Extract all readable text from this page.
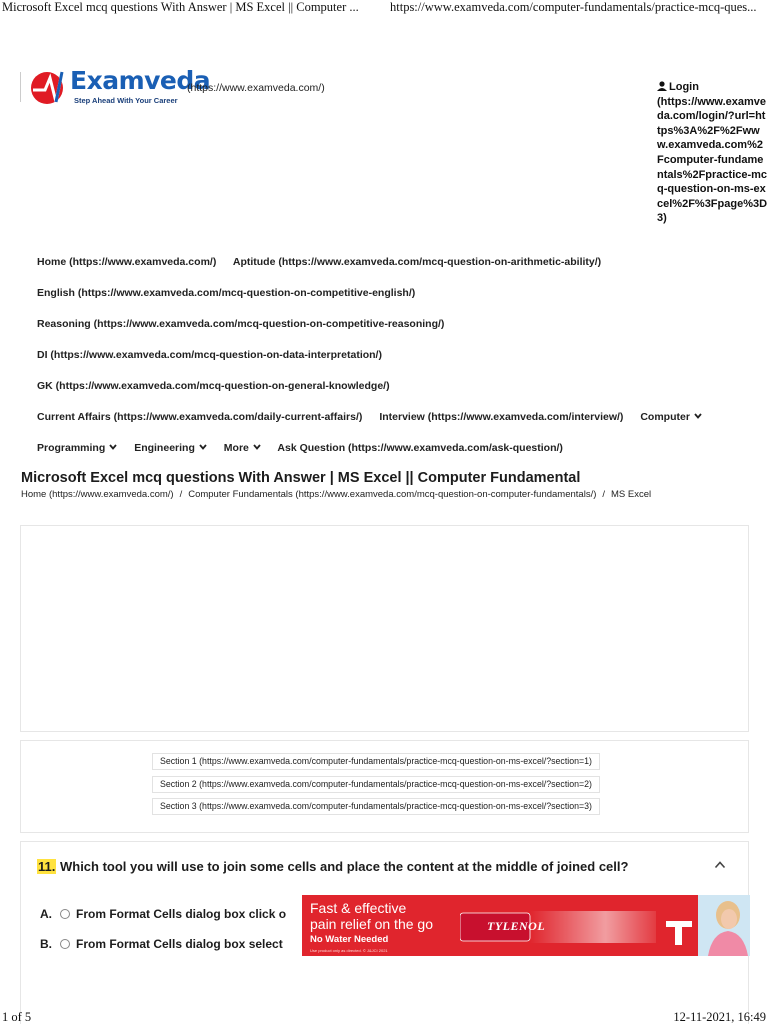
Microsoft Excel mcq questions With Answer | MS Excel || Computer ...	https://www.examveda.com/computer-fundamentals/practice-mcq-ques...
Examveda
Step Ahead With Your Career
(https://www.examveda.com/)	Login
(https://www.examveda.com/login/?url=https%3A%2F%2Fwww.examveda.com%2Fcomputer-fundamentals%2Fpractice-mcq-question-on-ms-excel%2F%3Fpage%3D3)
Home (https://www.examveda.com/) Aptitude (https://www.examveda.com/mcq-question-on-arithmetic-ability/)
English (https://www.examveda.com/mcq-question-on-competitive-english/)
Reasoning (https://www.examveda.com/mcq-question-on-competitive-reasoning/)
DI (https://www.examveda.com/mcq-question-on-data-interpretation/)
GK (https://www.examveda.com/mcq-question-on-general-knowledge/)
Current Affairs (https://www.examveda.com/daily-current-affairs/) Interview (https://www.examveda.com/interview/) Computer
Programming	Engineering	More	Ask Question (https://www.examveda.com/ask-question/)
Microsoft Excel mcq questions With Answer | MS Excel || Computer Fundamental
Home (https://www.examveda.com/) / Computer Fundamentals (https://www.examveda.com/mcq-question-on-computer-fundamentals/) / MS Excel
Section 1 (https://www.examveda.com/computer-fundamentals/practice-mcq-question-on-ms-excel/?section=1)
Section 2 (https://www.examveda.com/computer-fundamentals/practice-mcq-question-on-ms-excel/?section=2)
Section 3 (https://www.examveda.com/computer-fundamentals/practice-mcq-question-on-ms-excel/?section=3)
11. Which tool you will use to join some cells and place the content at the middle of joined cell?
A. From Format Cells dialog box click o
B. From Format Cells dialog box select
Fast & effective
pain relief on the go
No Water Needed
Use product only as directed. © J&JCI 2021
TYLENOL
1 of 5	12-11-2021, 16:49
